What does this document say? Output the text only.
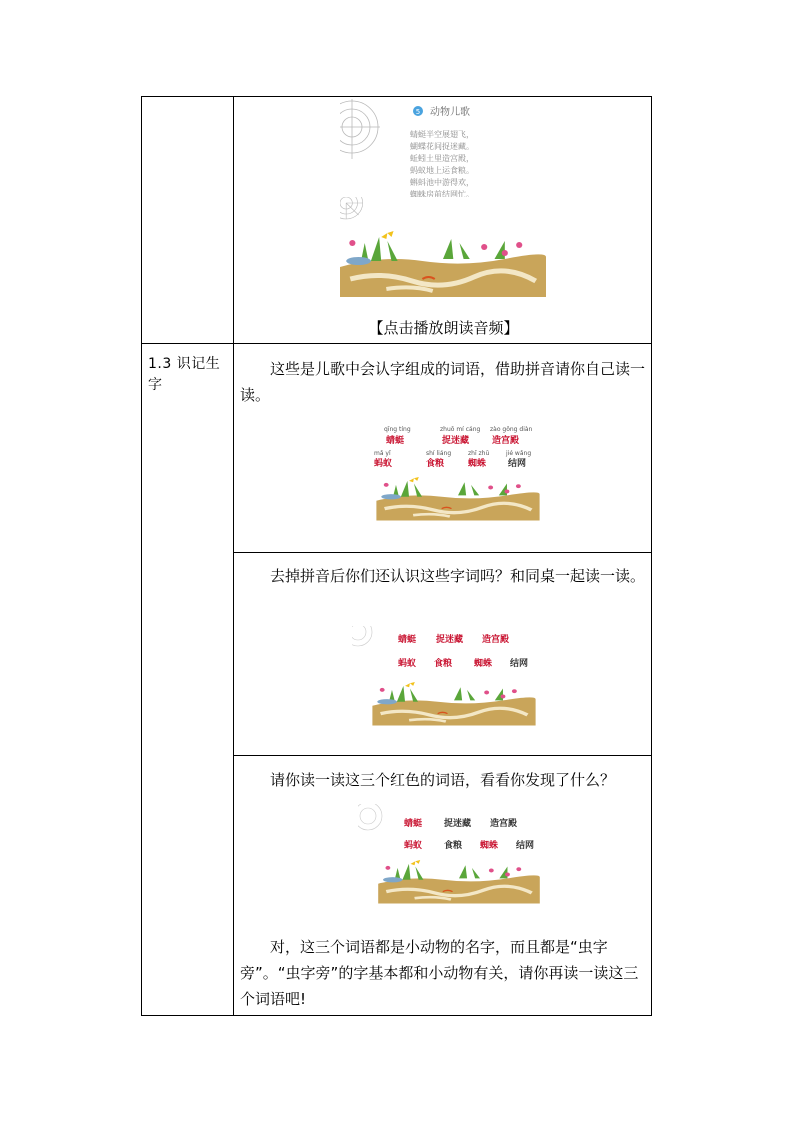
5 动物儿歌
蜻蜓半空展翅飞，
蝴蝶花间捉迷藏。
蚯蚓土里造宫殿，
蚂蚁地上运食粮。
蝌蚪池中游得欢，
蜘蛛房前结网忙。
【点击播放朗读音频】
1.3 识记生字
这些是儿歌中会认字组成的词语，借助拼音请你自己读一读。
qīng tíng	zhuō mí cáng zào gōng diàn
mǎ yǐ	shí liáng	zhī zhū	jié wǎng
蜻蜓	捉迷藏	造宫殿
蚂蚁	食粮	蜘蛛 结网
去掉拼音后你们还认识这些字词吗？和同桌一起读一读。
蜻蜓 捉迷藏 造宫殿
蚂蚁 食粮 蜘蛛 结网
请你读一读这三个红色的词语，看看你发现了什么？
蜻蜓 捉迷藏 造宫殿
蚂蚁 食粮 蜘蛛 结网
对，这三个词语都是小动物的名字，而且都是“虫字旁”。“虫字旁”的字基本都和小动物有关，请你再读一读这三个词语吧!
